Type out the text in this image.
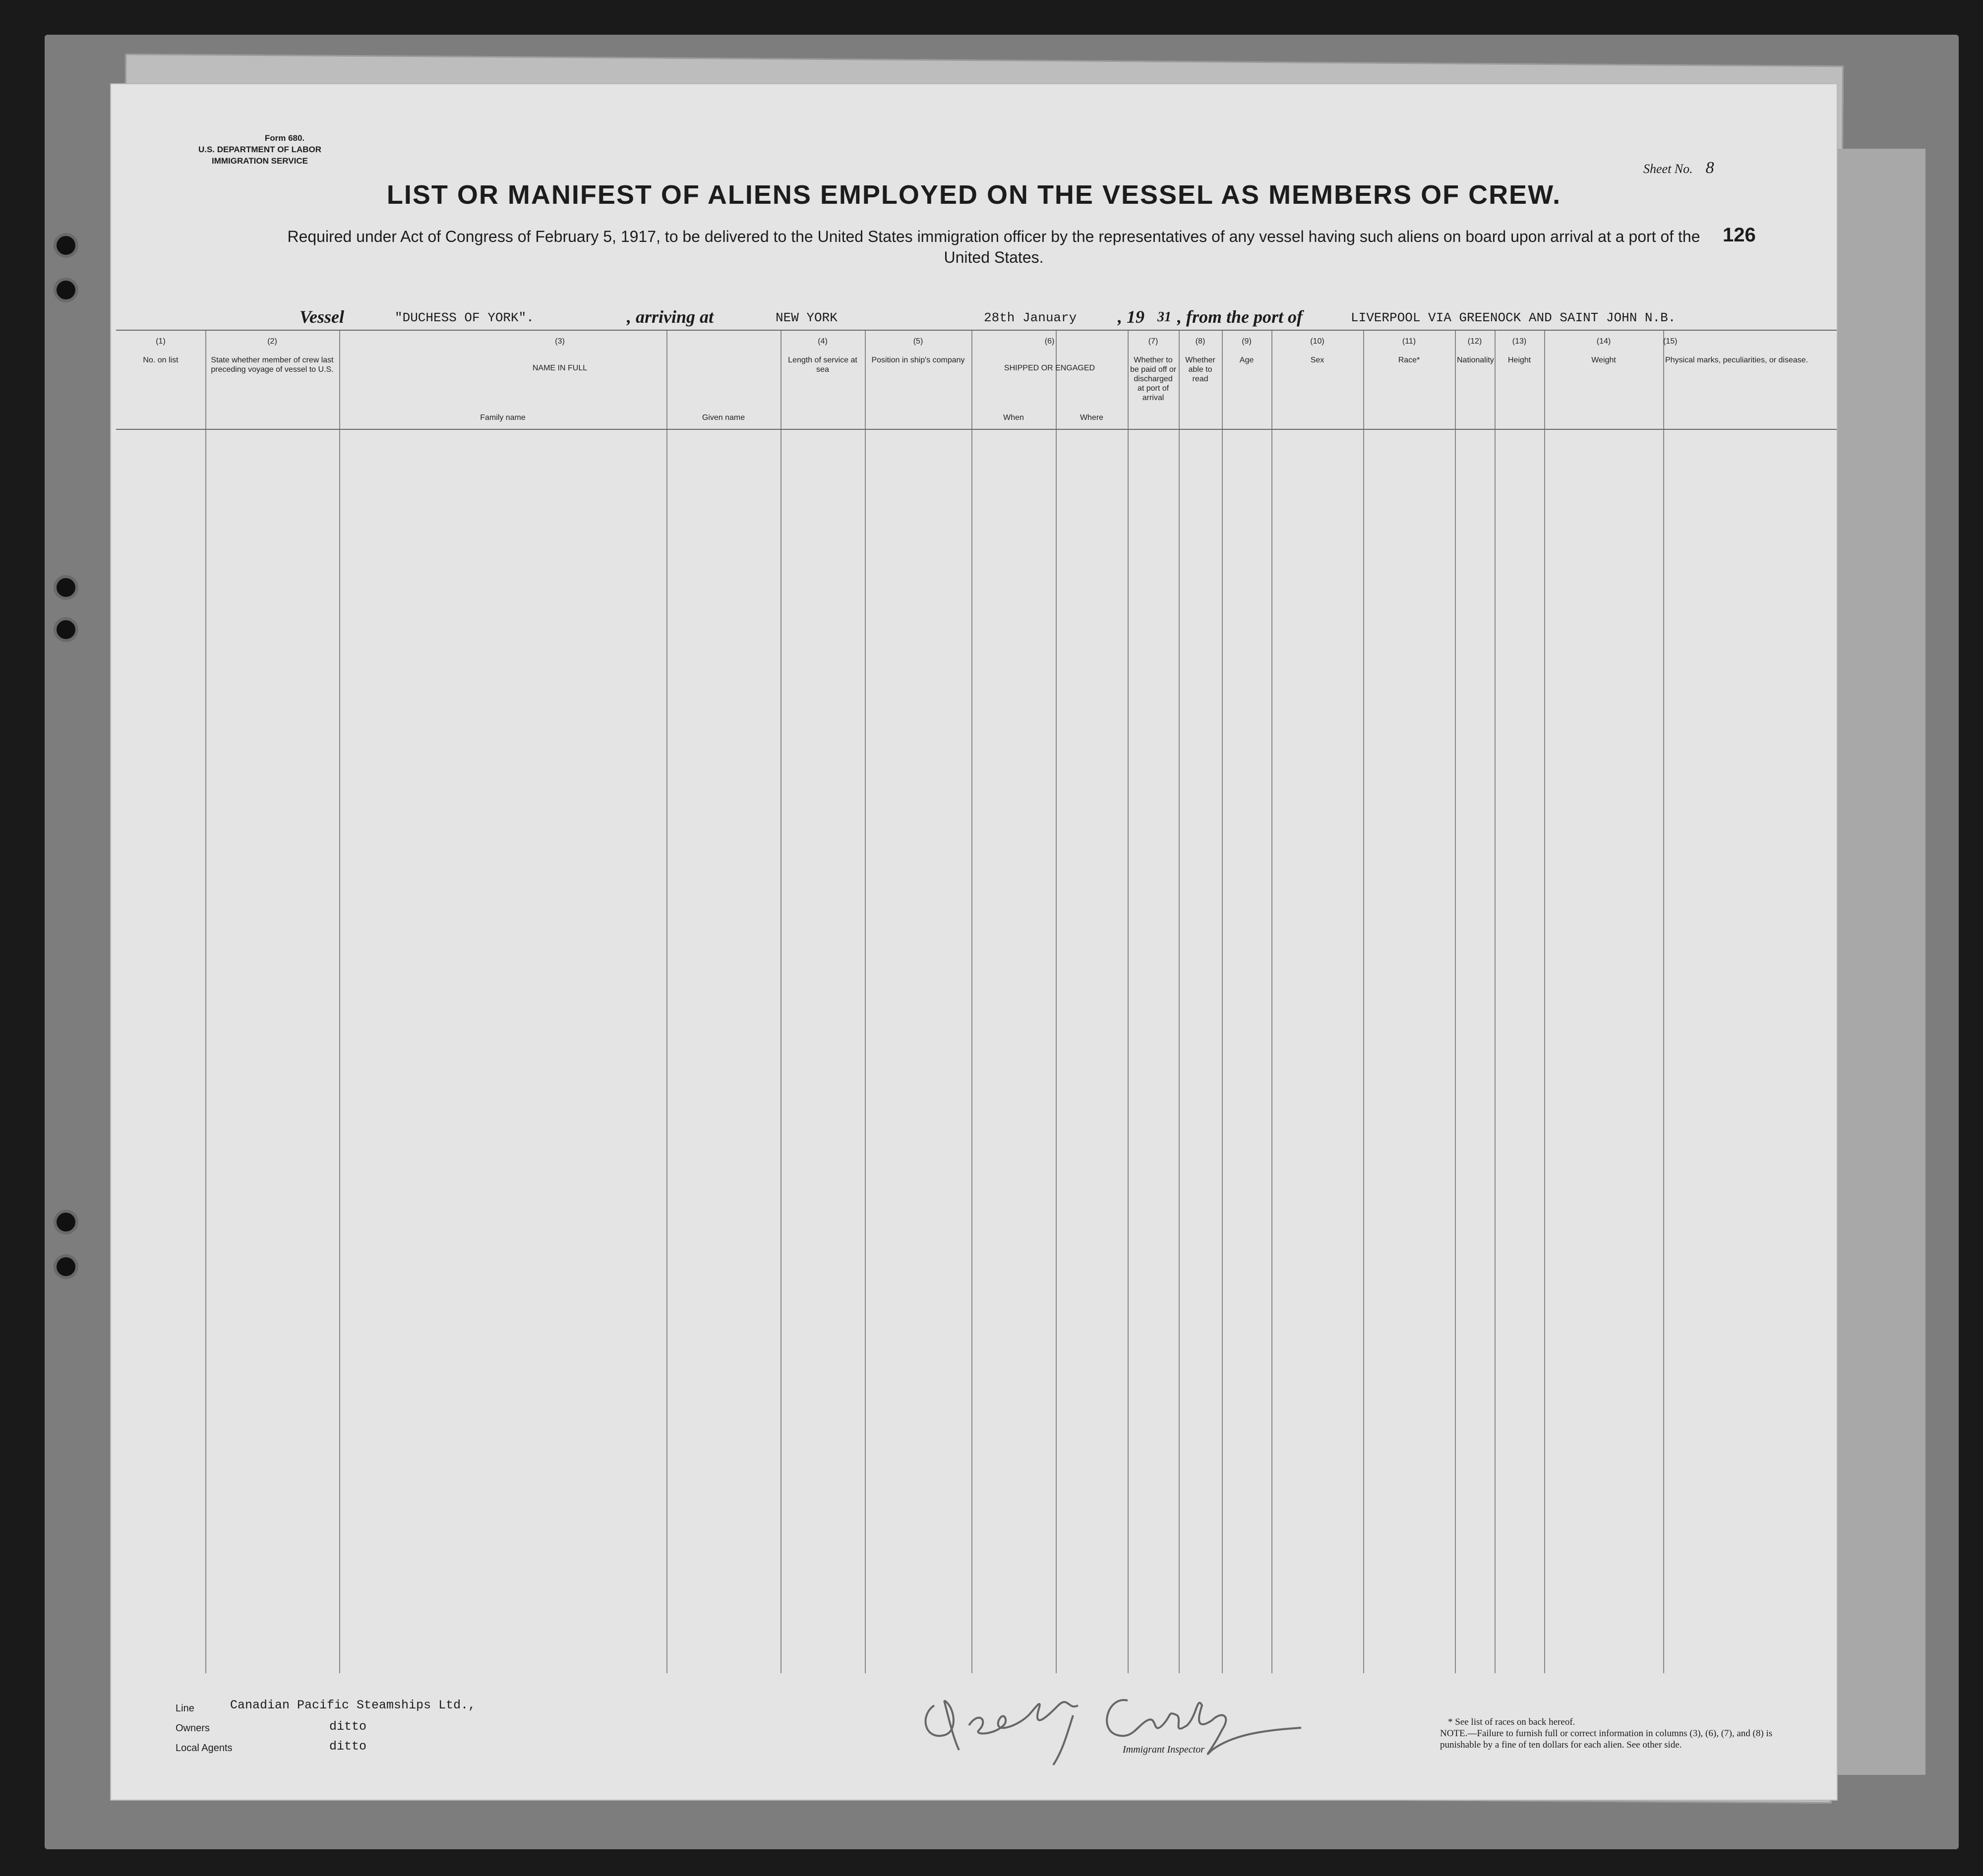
Form 680.
U.S. DEPARTMENT OF LABOR
IMMIGRATION SERVICE
Sheet No. 8
126
LIST OR MANIFEST OF ALIENS EMPLOYED ON THE VESSEL AS MEMBERS OF CREW.
Required under Act of Congress of February 5, 1917, to be delivered to the United States immigration officer by the representatives of any vessel having such aliens on board upon arrival at a port of the United States.
Vessel	"DUCHESS OF YORK".	, arriving at	NEW YORK	28th January , 19 31 , from the port of	LIVERPOOL VIA GREENOCK AND SAINT JOHN N.B.
(1)
No. on list
(2)
State whether member of crew last preceding voyage of vessel to U.S.
(3)
NAME IN FULL
Family name	Given name
(4)
Length of service at sea
(5)
Position in ship's company
(6)
SHIPPED OR ENGAGED
When	Where
(7)
Whether to be paid off or discharged at port of arrival
(8)
Whether able to read
(9)
Age
(10)
Sex
(11)
Race*
(12)
Nationality
(13)
Height
(14)
Weight
(15)
Physical marks, peculiarities, or disease.
Line	Canadian Pacific Steamships Ltd.,
Owners	ditto
Local Agents	ditto	Immigrant Inspector
* See list of races on back hereof.
NOTE.—Failure to furnish full or correct information in columns (3), (6), (7), and (8) is punishable by a fine of ten dollars for each alien. See other side.
